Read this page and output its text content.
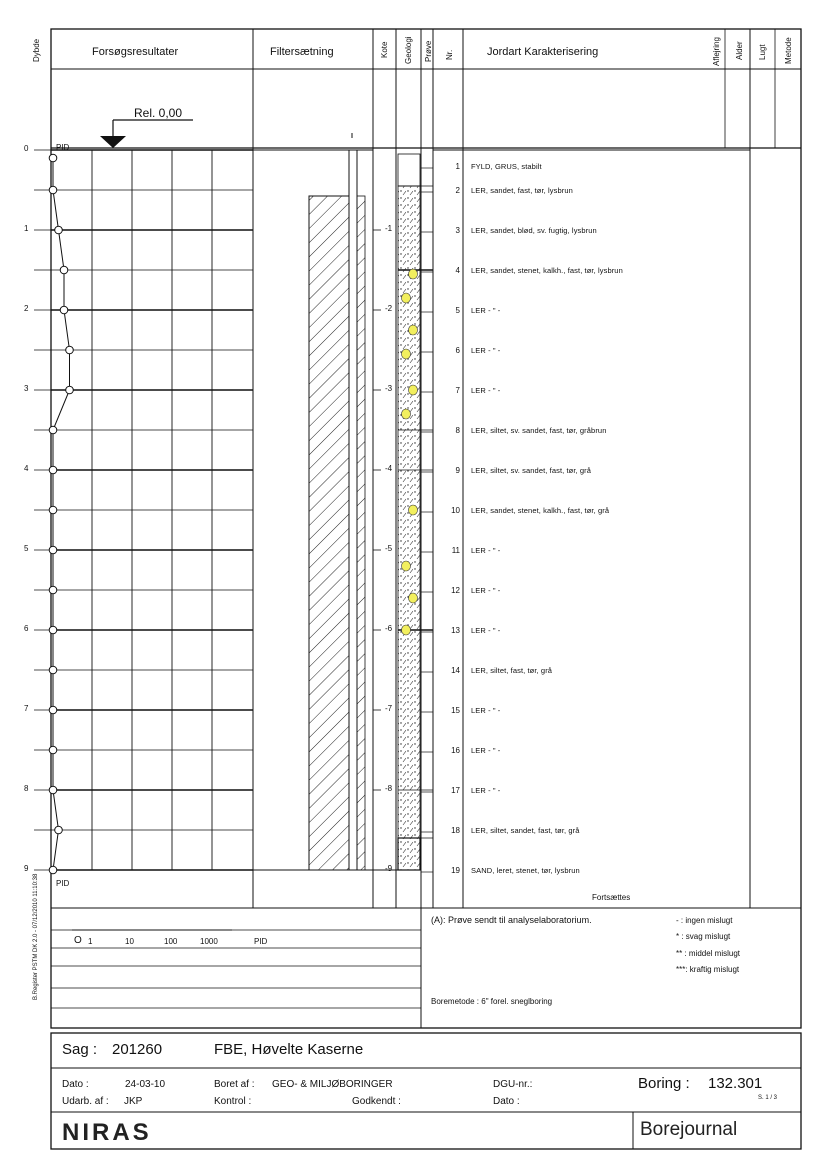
Dybde	Forsøgsresultater	Filtersætning	Kote Geologi Prøve Nr.	Jordart Karakterisering	Aflejring Alder Lugt Metode
Rel. 0,00
PID
PID
0
1
2
3
4
5
6
7
8
9
-1
-2
-3
-4
-5
-6
-7
-8
-9
1 FYLD, GRUS, stabilt
2 LER, sandet, fast, tør, lysbrun
3 LER, sandet, blød, sv. fugtig, lysbrun
4 LER, sandet, stenet, kalkh., fast, tør, lysbrun
5 LER - " -
6 LER - " -
7 LER - " -
8 LER, siltet, sv. sandet, fast, tør, gråbrun
9 LER, siltet, sv. sandet, fast, tør, grå
10 LER, sandet, stenet, kalkh., fast, tør, grå
11 LER - " -
12 LER - " -
13 LER - " -
14 LER, siltet, fast, tør, grå
15 LER - " -
16 LER - " -
17 LER - " -
18 LER, siltet, sandet, fast, tør, grå
19 SAND, leret, stenet, tør, lysbrun
Fortsættes
O 1	10	100	1000	PID
(A): Prøve sendt til analyselaboratorium.
Boremetode : 6" forel. sneglboring
- : ingen mislugt
* : svag mislugt
** : middel mislugt
***: kraftig mislugt
B.Register PSTM DK 2.0 - 07/12/2010 11:10:38
Sag : 201260	FBE, Høvelte Kaserne
Dato :	24-03-10
Udarb. af : JKP
Boret af : GEO- & MILJØBORINGER
Kontrol :	Godkendt :
DGU-nr.:
Dato :
Boring : 132.301
S. 1 / 3
NIRAS	Borejournal
